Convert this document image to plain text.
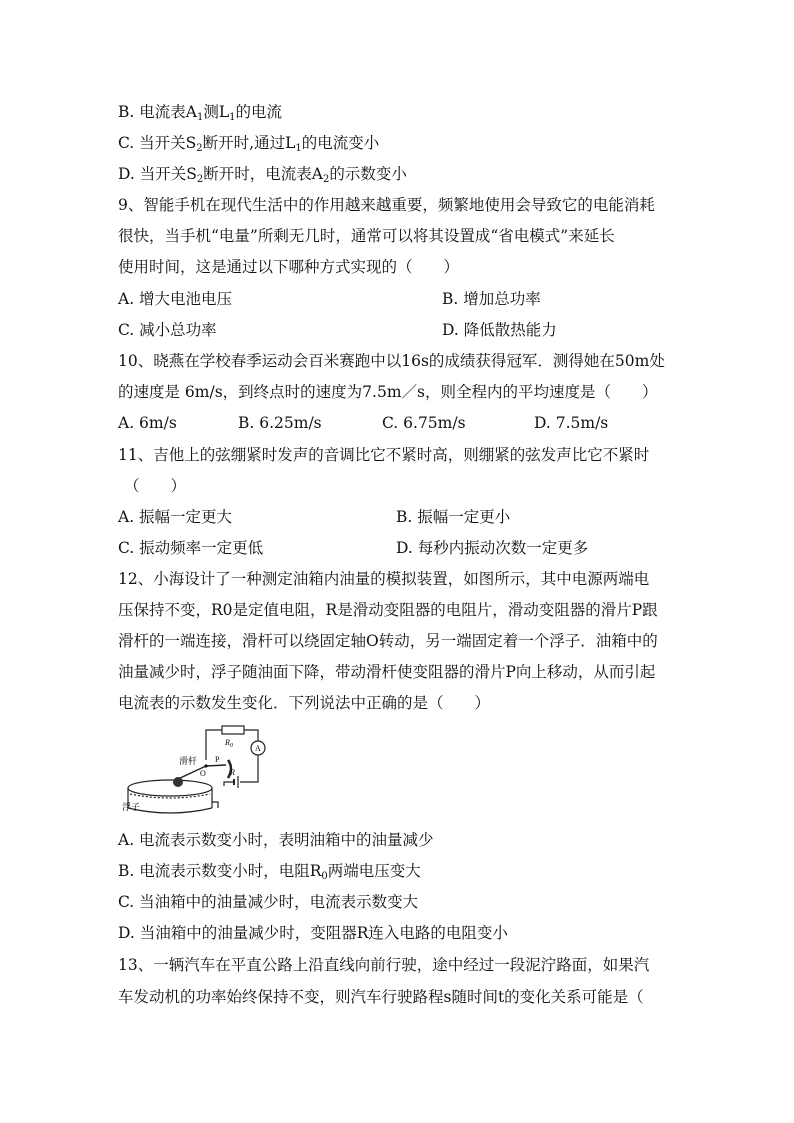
B. 电流表$A_1$测$L_1$的电流
C. 当开关$S_2$断开时,通过$L_1$的电流变小
D. 当开关$S_2$断开时，电流表$A_2$的示数变小
9、智能手机在现代生活中的作用越来越重要，频繁地使用会导致它的电能消耗
很快，当手机“电量”所剩无几时，通常可以将其设置成“省电模式”来延长
使用时间，这是通过以下哪种方式实现的（　　）
A. 增大电池电压	B. 增加总功率
C. 减小总功率	D. 降低散热能力
10、晓燕在学校春季运动会百米赛跑中以16s的成绩获得冠军．测得她在50m处
的速度是 6m/s，到终点时的速度为7.5m／s，则全程内的平均速度是（　　）
A. 6m/s	B. 6.25m/s	C. 6.75m/s	D. 7.5m/s
11、吉他上的弦绷紧时发声的音调比它不紧时高，则绷紧的弦发声比它不紧时
（　　）
A. 振幅一定更大	B. 振幅一定更小
C. 振动频率一定更低	D. 每秒内振动次数一定更多
12、小海设计了一种测定油箱内油量的模拟装置，如图所示，其中电源两端电
压保持不变，R0是定值电阻，R是滑动变阻器的电阻片，滑动变阻器的滑片P跟
滑杆的一端连接，滑杆可以绕固定轴O转动，另一端固定着一个浮子．油箱中的
油量减少时，浮子随油面下降，带动滑杆使变阻器的滑片P向上移动，从而引起
电流表的示数发生变化．下列说法中正确的是（　　）
滑杆
浮子
$R_0$	A
O
P
R
A. 电流表示数变小时，表明油箱中的油量减少
B. 电流表示数变小时，电阻$R_0$两端电压变大
C. 当油箱中的油量减少时，电流表示数变大
D. 当油箱中的油量减少时，变阻器R连入电路的电阻变小
13、一辆汽车在平直公路上沿直线向前行驶，途中经过一段泥泞路面，如果汽
车发动机的功率始终保持不变，则汽车行驶路程s随时间t的变化关系可能是（
